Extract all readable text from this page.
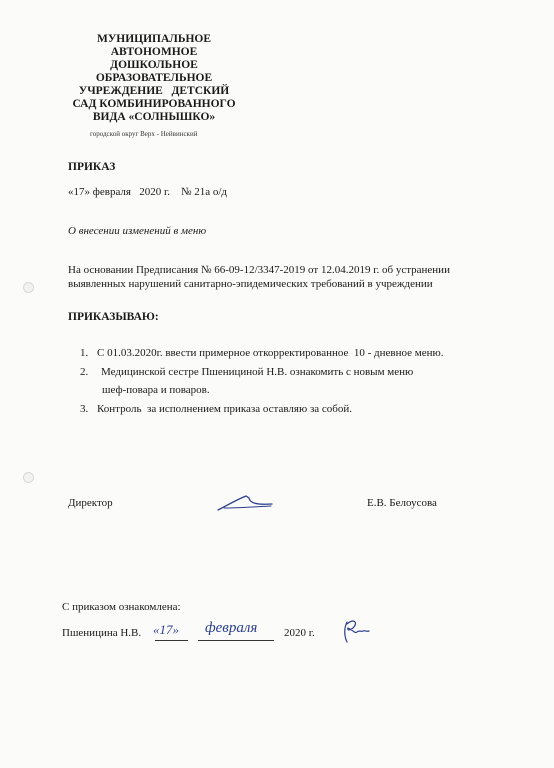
МУНИЦИПАЛЬНОЕ
АВТОНОМНОЕ
ДОШКОЛЬНОЕ
ОБРАЗОВАТЕЛЬНОЕ
УЧРЕЖДЕНИЕ   ДЕТСКИЙ
САД КОМБИНИРОВАННОГО
ВИДА «СОЛНЫШКО»
городской округ Верх - Нейвинский
ПРИКАЗ
«17» февраля   2020 г. № 21а о/д
О внесении изменений в меню
На основании Предписания № 66-09-12/3347-2019 от 12.04.2019 г. об устранении
выявленных нарушений санитарно-эпидемических требований в учреждении
ПРИКАЗЫВАЮ:
1. С 01.03.2020г. ввести примерное откорректированное  10 - дневное меню.
2. Медицинской сестре Пшенициной Н.В. ознакомить с новым меню
шеф-повара и поваров.
3. Контроль  за исполнением приказа оставляю за собой.
Директор	Е.В. Белоусова
С приказом ознакомлена:
Пшеницина Н.В. «17» февраля 2020 г.
